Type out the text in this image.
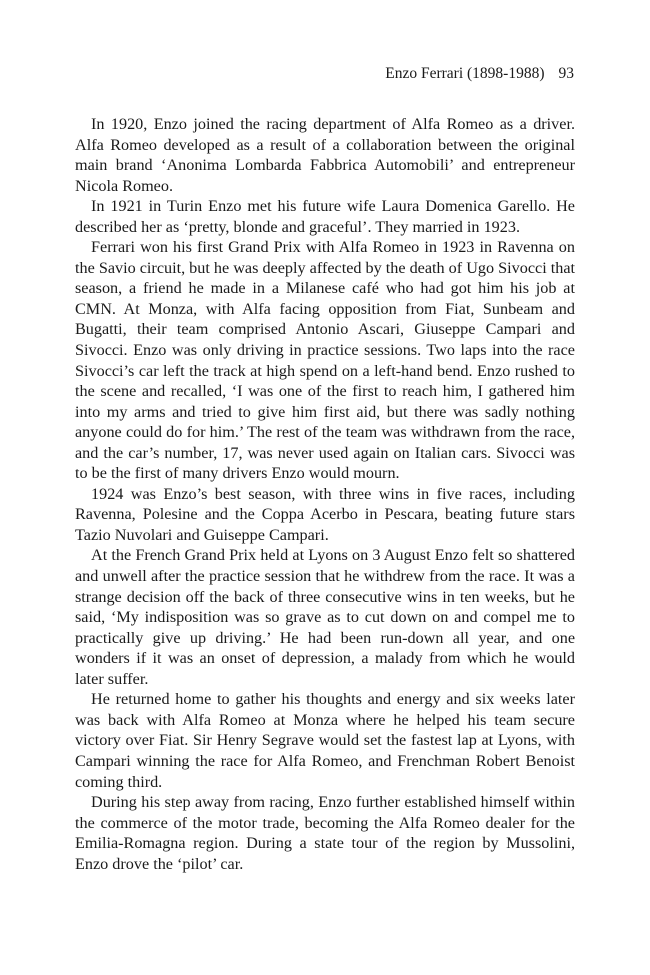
Enzo Ferrari (1898-1988) 93

In 1920, Enzo joined the racing department of Alfa Romeo as a driver. Alfa Romeo developed as a result of a collaboration between the original main brand ‘Anonima Lombarda Fabbrica Automobili’ and entrepreneur Nicola Romeo.

In 1921 in Turin Enzo met his future wife Laura Domenica Garello. He described her as ‘pretty, blonde and graceful’. They married in 1923.

Ferrari won his first Grand Prix with Alfa Romeo in 1923 in Ravenna on the Savio circuit, but he was deeply affected by the death of Ugo Sivocci that season, a friend he made in a Milanese café who had got him his job at CMN. At Monza, with Alfa facing opposition from Fiat, Sunbeam and Bugatti, their team comprised Antonio Ascari, Giuseppe Campari and Sivocci. Enzo was only driving in practice sessions. Two laps into the race Sivocci’s car left the track at high spend on a left-hand bend. Enzo rushed to the scene and recalled, ‘I was one of the first to reach him, I gathered him into my arms and tried to give him first aid, but there was sadly nothing anyone could do for him.’ The rest of the team was withdrawn from the race, and the car’s number, 17, was never used again on Italian cars. Sivocci was to be the first of many drivers Enzo would mourn.

1924 was Enzo’s best season, with three wins in five races, including Ravenna, Polesine and the Coppa Acerbo in Pescara, beating future stars Tazio Nuvolari and Guiseppe Campari.

At the French Grand Prix held at Lyons on 3 August Enzo felt so shattered and unwell after the practice session that he withdrew from the race. It was a strange decision off the back of three consecutive wins in ten weeks, but he said, ‘My indisposition was so grave as to cut down on and compel me to practically give up driving.’ He had been run-down all year, and one wonders if it was an onset of depression, a malady from which he would later suffer.

He returned home to gather his thoughts and energy and six weeks later was back with Alfa Romeo at Monza where he helped his team secure victory over Fiat. Sir Henry Segrave would set the fastest lap at Lyons, with Campari winning the race for Alfa Romeo, and Frenchman Robert Benoist coming third.

During his step away from racing, Enzo further established himself within the commerce of the motor trade, becoming the Alfa Romeo dealer for the Emilia-Romagna region. During a state tour of the region by Mussolini, Enzo drove the ‘pilot’ car.
